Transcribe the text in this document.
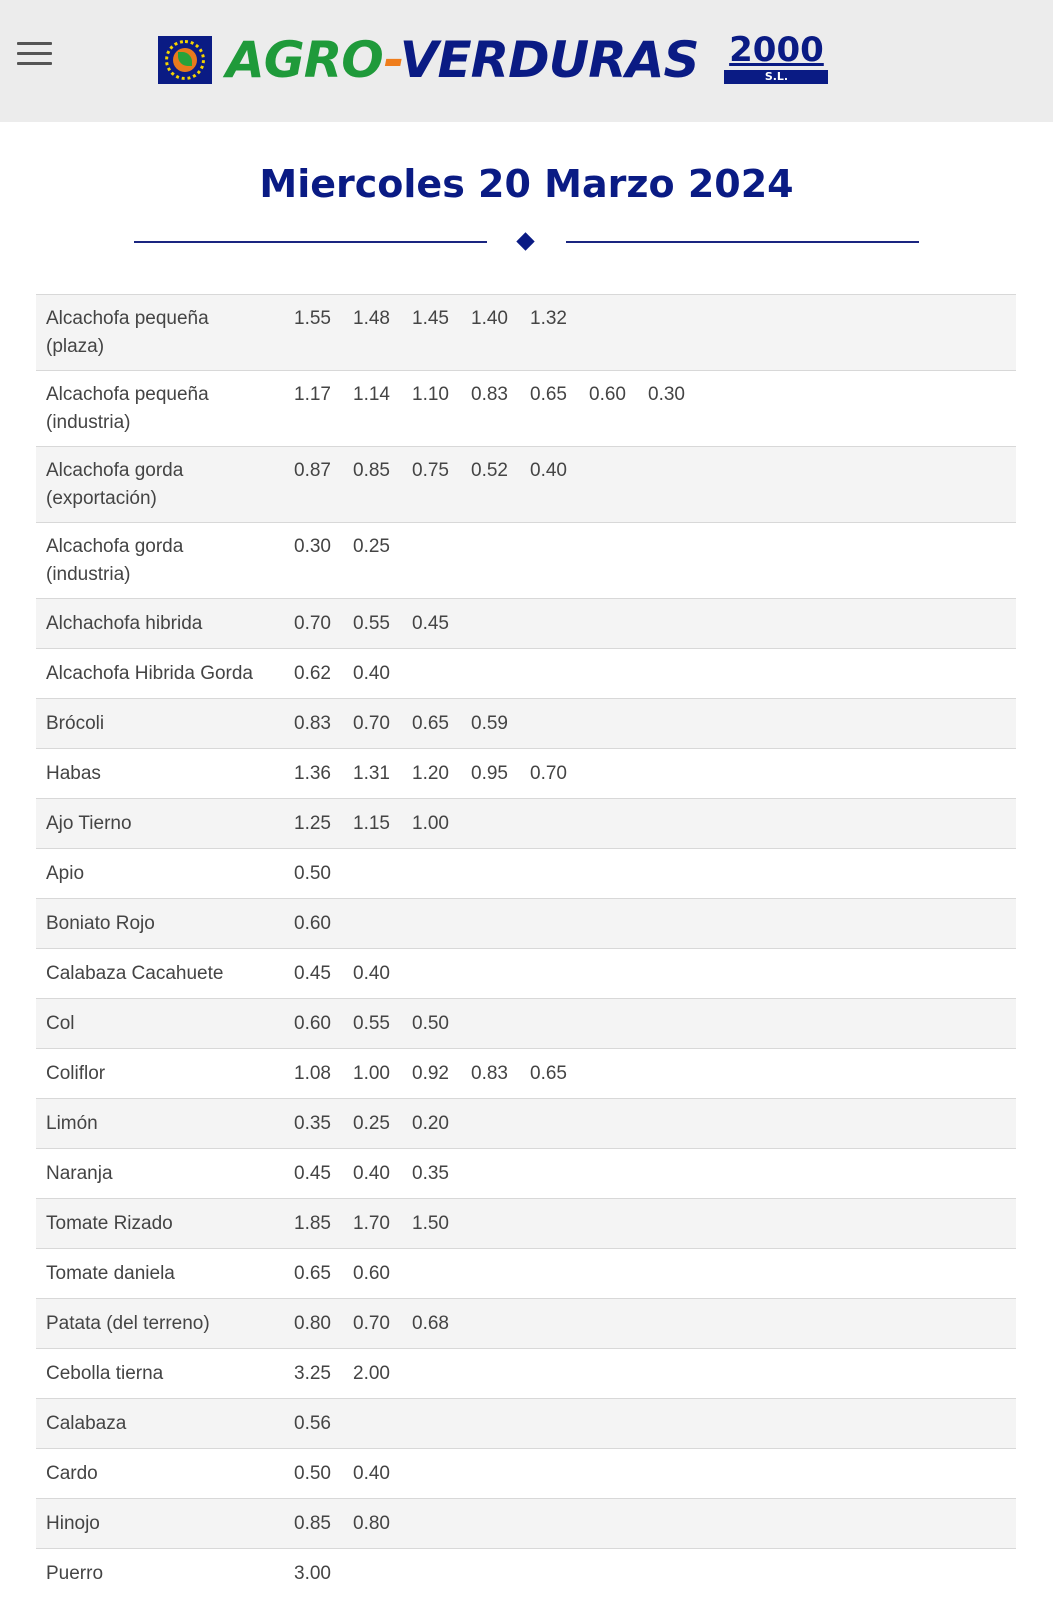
AGRO-VERDURAS 2000
S.L.
Miercoles 20 Marzo 2024
Alcachofa pequeña
(plaza)	1.55 1.48 1.45 1.40 1.32

Alcachofa pequeña
(industria)	1.17 1.14 1.10 0.83 0.65 0.60 0.30

Alcachofa gorda
(exportación)	0.87 0.85 0.75 0.52 0.40

Alcachofa gorda
(industria)	0.30 0.25

Alchachofa hibrida	0.70 0.55 0.45

Alcachofa Hibrida Gorda	0.62 0.40

Brócoli	0.83 0.70 0.65 0.59

Habas	1.36 1.31 1.20 0.95 0.70

Ajo Tierno	1.25 1.15 1.00

Apio	0.50

Boniato Rojo	0.60

Calabaza Cacahuete	0.45 0.40

Col	0.60 0.55 0.50

Coliflor	1.08 1.00 0.92 0.83 0.65

Limón	0.35 0.25 0.20

Naranja	0.45 0.40 0.35

Tomate Rizado	1.85 1.70 1.50

Tomate daniela	0.65 0.60

Patata (del terreno)	0.80 0.70 0.68

Cebolla tierna	3.25 2.00

Calabaza	0.56

Cardo	0.50 0.40

Hinojo	0.85 0.80

Puerro	3.00
